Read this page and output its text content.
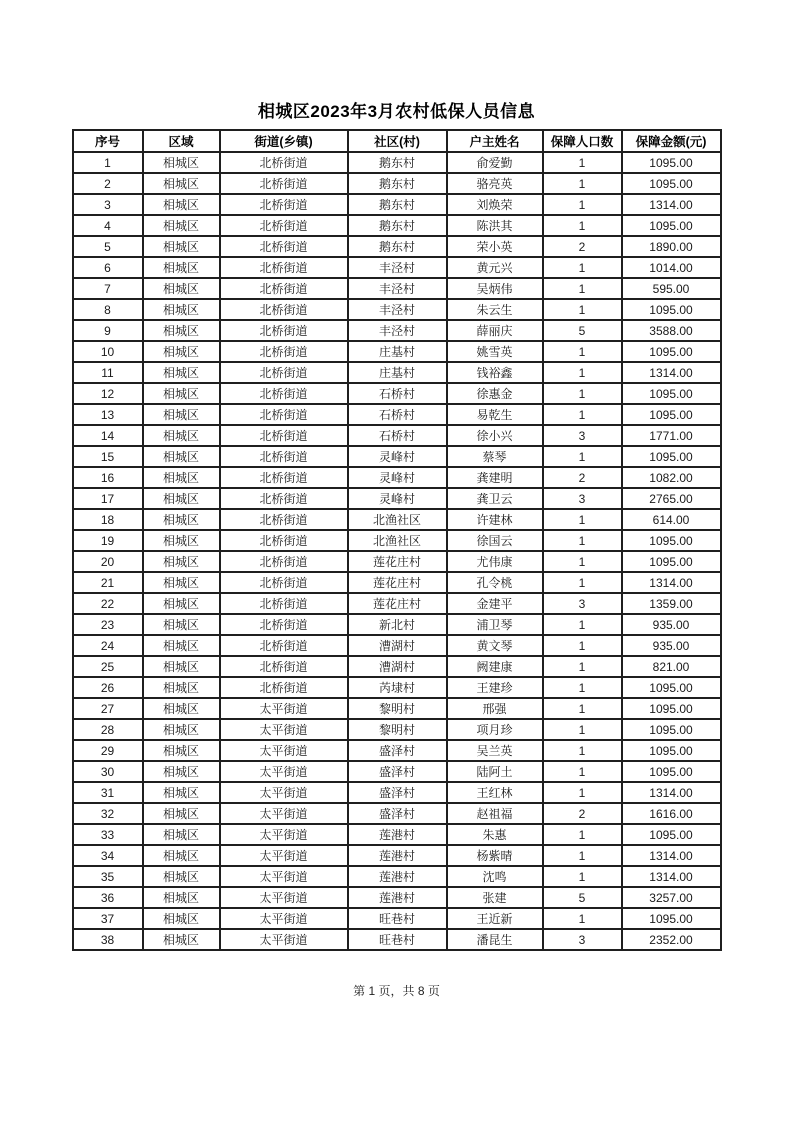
相城区2023年3月农村低保人员信息
序号	区域	街道(乡镇)	社区(村)	户主姓名	保障人口数	保障金额(元)
1	相城区	北桥街道	鹅东村	俞爱勤	1	1095.00
2	相城区	北桥街道	鹅东村	骆亮英	1	1095.00
3	相城区	北桥街道	鹅东村	刘焕荣	1	1314.00
4	相城区	北桥街道	鹅东村	陈洪其	1	1095.00
5	相城区	北桥街道	鹅东村	荣小英	2	1890.00
6	相城区	北桥街道	丰泾村	黄元兴	1	1014.00
7	相城区	北桥街道	丰泾村	吴炳伟	1	595.00
8	相城区	北桥街道	丰泾村	朱云生	1	1095.00
9	相城区	北桥街道	丰泾村	薛丽庆	5	3588.00
10	相城区	北桥街道	庄基村	姚雪英	1	1095.00
11	相城区	北桥街道	庄基村	钱裕鑫	1	1314.00
12	相城区	北桥街道	石桥村	徐惠金	1	1095.00
13	相城区	北桥街道	石桥村	易乾生	1	1095.00
14	相城区	北桥街道	石桥村	徐小兴	3	1771.00
15	相城区	北桥街道	灵峰村	蔡琴	1	1095.00
16	相城区	北桥街道	灵峰村	龚建明	2	1082.00
17	相城区	北桥街道	灵峰村	龚卫云	3	2765.00
18	相城区	北桥街道	北渔社区	许建林	1	614.00
19	相城区	北桥街道	北渔社区	徐国云	1	1095.00
20	相城区	北桥街道	莲花庄村	尤伟康	1	1095.00
21	相城区	北桥街道	莲花庄村	孔令桃	1	1314.00
22	相城区	北桥街道	莲花庄村	金建平	3	1359.00
23	相城区	北桥街道	新北村	浦卫琴	1	935.00
24	相城区	北桥街道	漕湖村	黄文琴	1	935.00
25	相城区	北桥街道	漕湖村	阙建康	1	821.00
26	相城区	北桥街道	芮埭村	王建珍	1	1095.00
27	相城区	太平街道	黎明村	邢强	1	1095.00
28	相城区	太平街道	黎明村	项月珍	1	1095.00
29	相城区	太平街道	盛泽村	吴兰英	1	1095.00
30	相城区	太平街道	盛泽村	陆阿土	1	1095.00
31	相城区	太平街道	盛泽村	王红林	1	1314.00
32	相城区	太平街道	盛泽村	赵祖福	2	1616.00
33	相城区	太平街道	莲港村	朱惠	1	1095.00
34	相城区	太平街道	莲港村	杨紫晴	1	1314.00
35	相城区	太平街道	莲港村	沈鸣	1	1314.00
36	相城区	太平街道	莲港村	张建	5	3257.00
37	相城区	太平街道	旺巷村	王近新	1	1095.00
38	相城区	太平街道	旺巷村	潘昆生	3	2352.00
第 1 页，共 8 页
